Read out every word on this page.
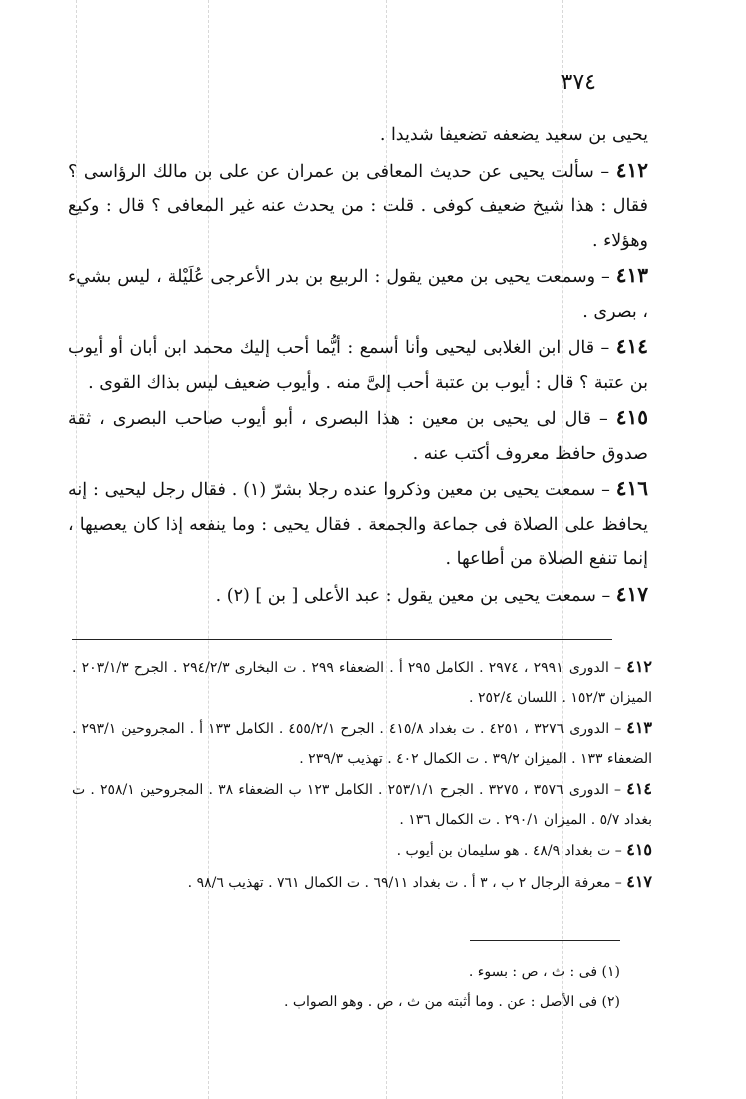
٣٧٤

يحيى بن سعيد يضعفه تضعيفا شديدا .

٤١٢ – سألت يحيى عن حديث المعافى بن عمران عن على بن مالك الرؤاسى ؟ فقال : هذا شيخ ضعيف كوفى . قلت : من يحدث عنه غير المعافى ؟ قال : وكيع وهؤلاء .

٤١٣ – وسمعت يحيى بن معين يقول : الربيع بن بدر الأعرجى عُلَيْلة ، ليس بشيء ، بصرى .

٤١٤ – قال ابن الغلابى ليحيى وأنا أسمع : أيُّما أحب إليك محمد ابن أبان أو أيوب بن عتبة ؟ قال : أيوب بن عتبة أحب إلىَّ منه . وأيوب ضعيف ليس بذاك القوى .

٤١٥ – قال لى يحيى بن معين : هذا البصرى ، أبو أيوب صاحب البصرى ، ثقة صدوق حافظ معروف أكتب عنه .

٤١٦ – سمعت يحيى بن معين وذكروا عنده رجلا بشرّ (١) . فقال رجل ليحيى : إنه يحافظ على الصلاة فى جماعة والجمعة . فقال يحيى : وما ينفعه إذا كان يعصيها ، إنما تنفع الصلاة من أطاعها .

٤١٧ – سمعت يحيى بن معين يقول : عبد الأعلى [ بن ] (٢) .

٤١٢ – الدورى ٢٩٩١ ، ٢٩٧٤ . الكامل ٢٩٥ أ . الضعفاء ٢٩٩ . ت البخارى ٢٩٤/٢/٣ . الجرح ٢٠٣/١/٣ . الميزان ١٥٢/٣ . اللسان ٢٥٢/٤ .

٤١٣ – الدورى ٣٢٧٦ ، ٤٢٥١ . ت بغداد ٤١٥/٨ . الجرح ٤٥٥/٢/١ . الكامل ١٣٣ أ . المجروحين ٢٩٣/١ . الضعفاء ١٣٣ . الميزان ٣٩/٢ . ت الكمال ٤٠٢ . تهذيب ٢٣٩/٣ .

٤١٤ – الدورى ٣٥٧٦ ، ٣٢٧٥ . الجرح ٢٥٣/١/١ . الكامل ١٢٣ ب الضعفاء ٣٨ . المجروحين ٢٥٨/١ . ت بغداد ٥/٧ . الميزان ٢٩٠/١ . ت الكمال ١٣٦ .

٤١٥ – ت بغداد ٤٨/٩ . هو سليمان بن أيوب .

٤١٧ – معرفة الرجال ٢ ب ، ٣ أ . ت بغداد ٦٩/١١ . ت الكمال ٧٦١ . تهذيب ٩٨/٦ .

(١) فى : ث ، ص : بسوء .

(٢) فى الأصل : عن . وما أثبته من ث ، ص . وهو الصواب .
